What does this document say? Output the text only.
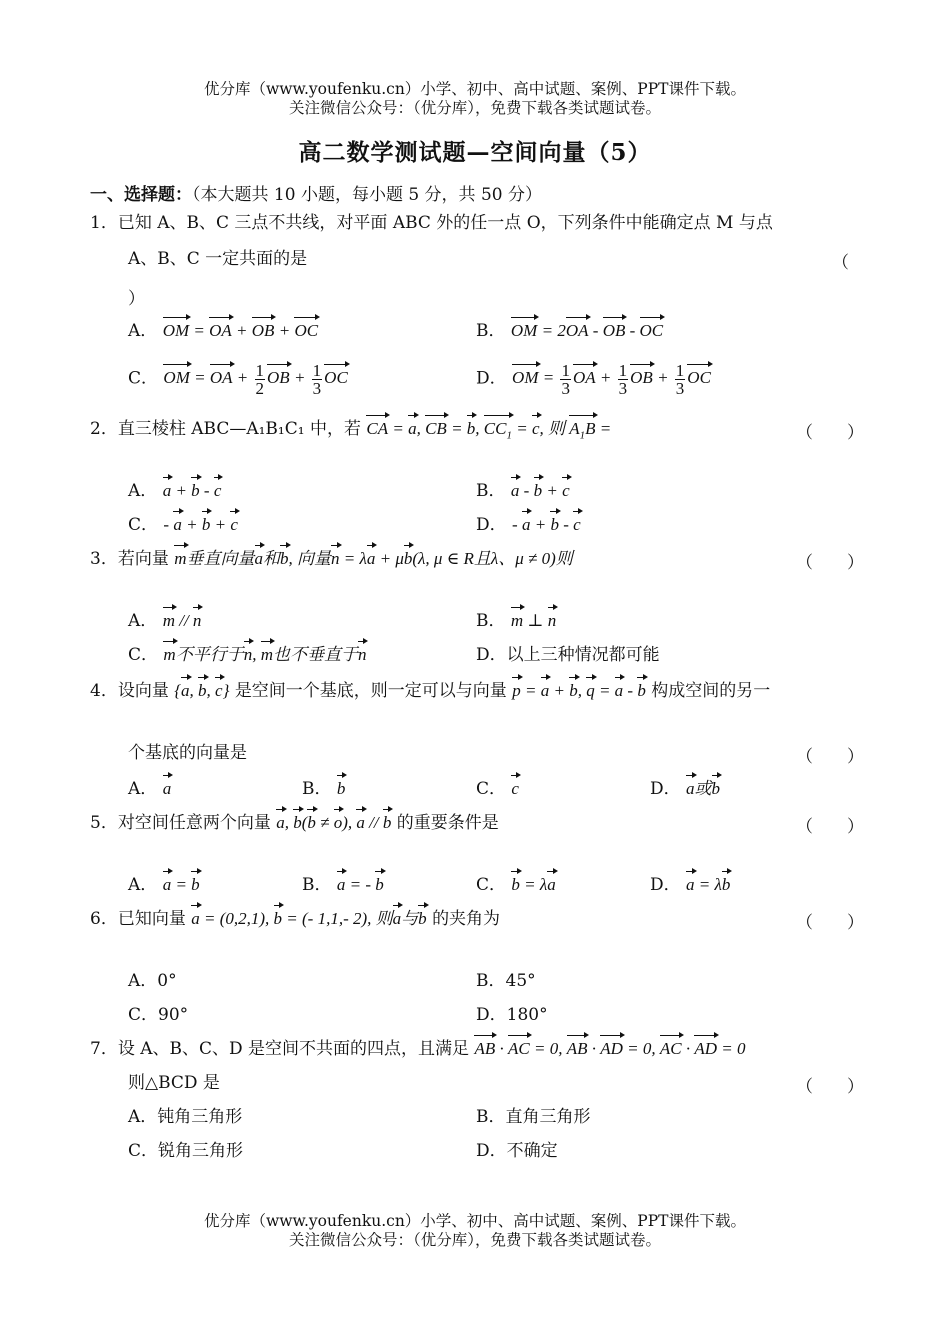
优分库（www.youfenku.cn）小学、初中、高中试题、案例、PPT课件下载。
关注微信公众号：（优分库），免费下载各类试题试卷。
高二数学测试题—空间向量（5）
一、选择题：（本大题共 10 小题，每小题 5 分，共 50 分）
1．已知 A、B、C 三点不共线，对平面 ABC 外的任一点 O，下列条件中能确定点 M 与点
A、B、C 一定共面的是	（
）
A． OM = OA + OB + OC	B． OM = 2OA - OB - OC
C． OM = OA + $\frac{1}{2}$ OB + $\frac{1}{3}$ OC	D． OM = $\frac{1}{3}$ OA + $\frac{1}{3}$ OB + $\frac{1}{3}$ OC
2．直三棱柱 ABC—A₁B₁C₁ 中，若 CA = a, CB = b, $CC_1 = c$, 则 $A_1B$ =	（　　）
A． a + b - c	B． a - b + c
C． - a + b + c	D． - a + b - c
3．若向量 m垂直向量a和b, 向量n = λa + μb(λ, μ ∈ R且λ、μ ≠ 0)则	（　　）
A． m // n	B． m ⊥ n
C． m不平行于n, m也不垂直于n	D．以上三种情况都可能
4．设向量 {a, b, c} 是空间一个基底，则一定可以与向量 p = a + b, q = a - b 构成空间的另一
个基底的向量是	（　　）
A． a	B． b	C． c	D． a或b
5．对空间任意两个向量 a, b(b ≠ o), a // b 的重要条件是	（　　）
A． a = b	B． a = - b	C． b = λa	D． a = λb
6．已知向量 a = (0,2,1), b = (- 1,1,- 2), 则a与b 的夹角为	（　　）
A．0°	B．45°
C．90°	D．180°
7．设 A、B、C、D 是空间不共面的四点，且满足 AB · AC = 0, AB · AD = 0, AC · AD = 0
则△BCD 是	（　　）
A．钝角三角形	B．直角三角形
C．锐角三角形	D．不确定
优分库（www.youfenku.cn）小学、初中、高中试题、案例、PPT课件下载。
关注微信公众号：（优分库），免费下载各类试题试卷。
